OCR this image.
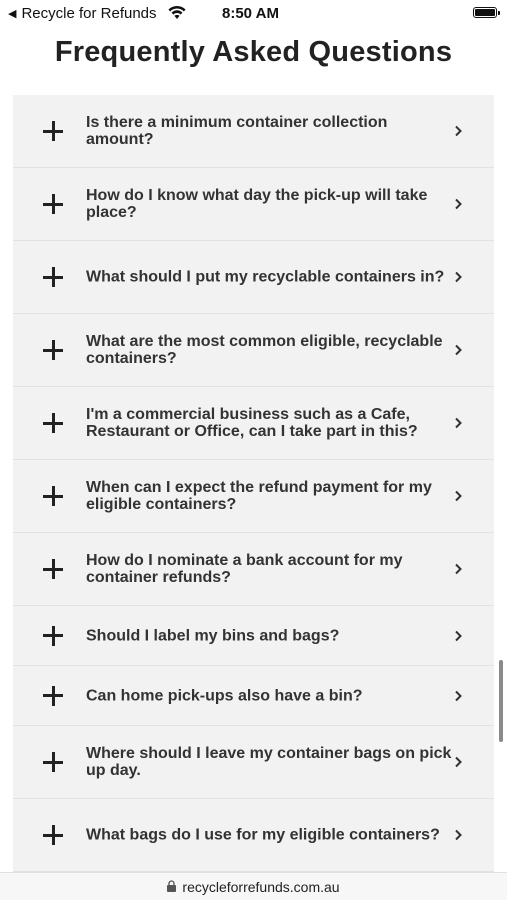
◀ Recycle for Refunds	8:50 AM
Frequently Asked Questions
Is there a minimum container collection amount?
How do I know what day the pick-up will take place?
What should I put my recyclable containers in?
What are the most common eligible, recyclable containers?
I'm a commercial business such as a Cafe, Restaurant or Office, can I take part in this?
When can I expect the refund payment for my eligible containers?
How do I nominate a bank account for my container refunds?
Should I label my bins and bags?
Can home pick-ups also have a bin?
Where should I leave my container bags on pick up day.
What bags do I use for my eligible containers?
recycleforrefunds.com.au
